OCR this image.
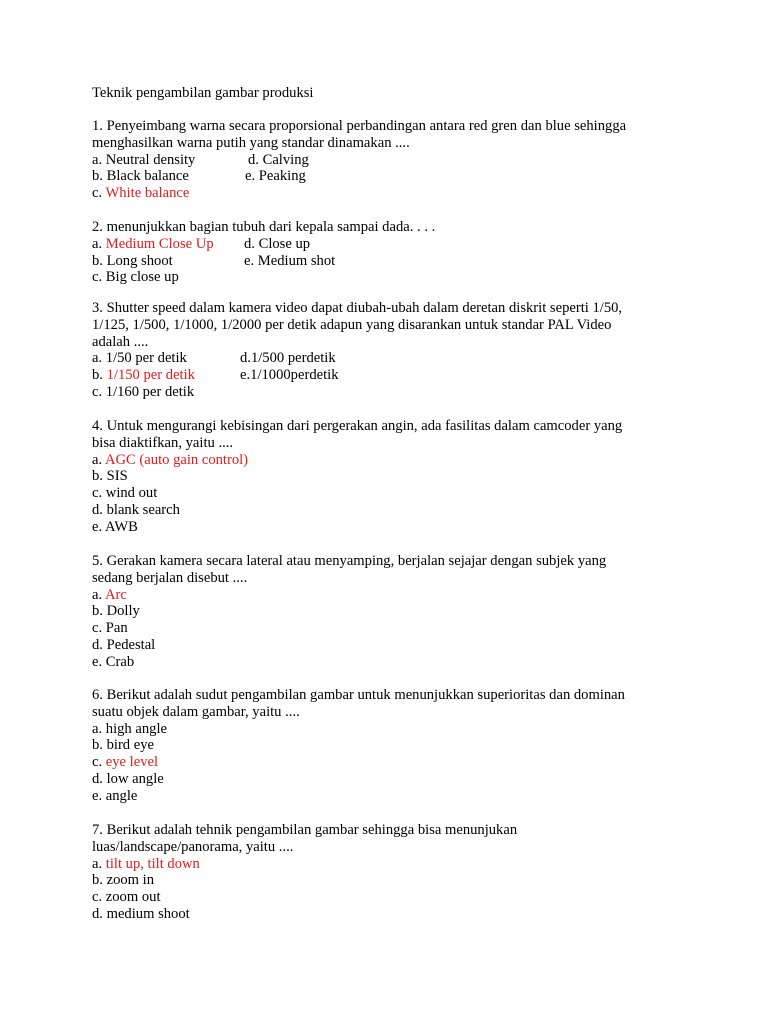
Teknik pengambilan gambar produksi
1. Penyeimbang warna secara proporsional perbandingan antara red gren dan blue sehingga
menghasilkan warna putih yang standar dinamakan ....
a. Neutral density	d. Calving
b. Black balance	e. Peaking
c. White balance
2. menunjukkan bagian tubuh dari kepala sampai dada. . . .
a. Medium Close Up d. Close up
b. Long shoot	e. Medium shot
c. Big close up
3. Shutter speed dalam kamera video dapat diubah-ubah dalam deretan diskrit seperti 1/50,
1/125, 1/500, 1/1000, 1/2000 per detik adapun yang disarankan untuk standar PAL Video
adalah ....
a. 1/50 per detik	d.1/500 perdetik
b. 1/150 per detik	e.1/1000perdetik
c. 1/160 per detik
4. Untuk mengurangi kebisingan dari pergerakan angin, ada fasilitas dalam camcoder yang
bisa diaktifkan, yaitu ....
a. AGC (auto gain control)
b. SIS
c. wind out
d. blank search
e. AWB
5. Gerakan kamera secara lateral atau menyamping, berjalan sejajar dengan subjek yang
sedang berjalan disebut ....
a. Arc
b. Dolly
c. Pan
d. Pedestal
e. Crab
6. Berikut adalah sudut pengambilan gambar untuk menunjukkan superioritas dan dominan
suatu objek dalam gambar, yaitu ....
a. high angle
b. bird eye
c. eye level
d. low angle
e. angle
7. Berikut adalah tehnik pengambilan gambar sehingga bisa menunjukan
luas/landscape/panorama, yaitu ....
a. tilt up, tilt down
b. zoom in
c. zoom out
d. medium shoot
